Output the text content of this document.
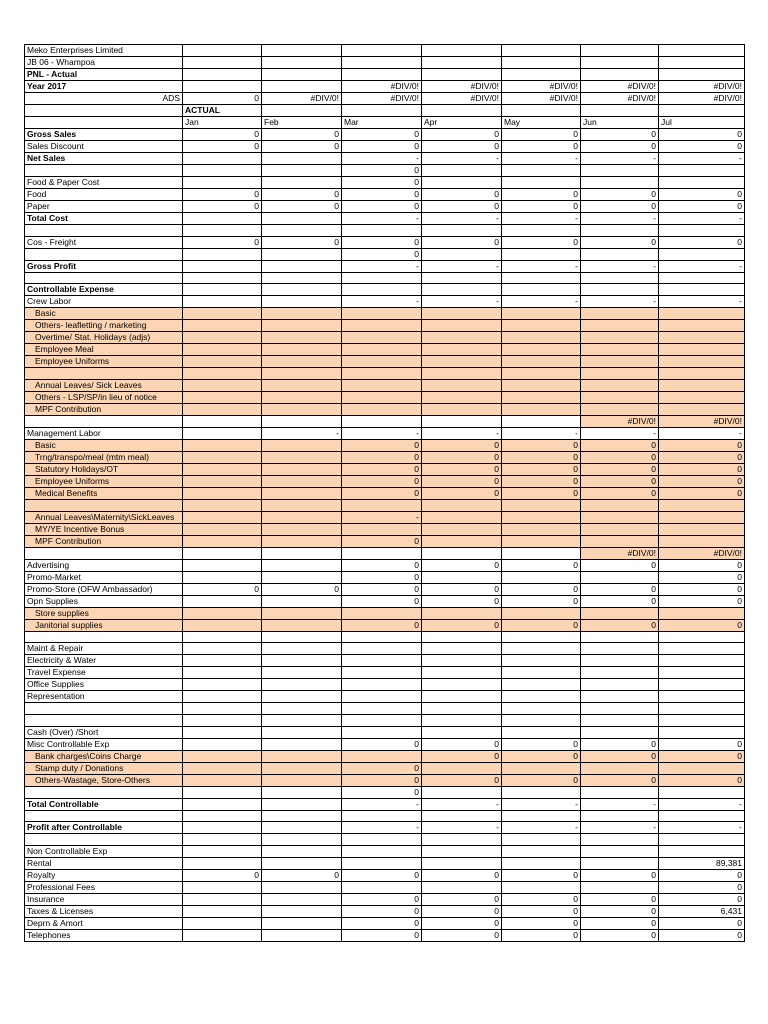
Meko Enterprises Limited							
JB 06 - Whampoa							
PNL - Actual							
Year 2017			#DIV/0!	#DIV/0!	#DIV/0!	#DIV/0!	#DIV/0!
ADS	0	#DIV/0!	#DIV/0!	#DIV/0!	#DIV/0!	#DIV/0!	#DIV/0!
	ACTUAL						
	Jan	Feb	Mar	Apr	May	Jun	Jul
Gross Sales	0	0	0	0	0	0	0
Sales Discount	0	0	0	0	0	0	0
Net Sales			-	-	-	-	-
			0				
Food & Paper Cost			0				
Food	0	0	0	0	0	0	0
Paper	0	0	0	0	0	0	0
Total Cost			-	-	-	-	-

Cos - Freight	0	0	0	0	0	0	0
			0				
Gross Profit			-	-	-	-	-

Controllable Expense							
Crew Labor			-	-	-	-	-
Basic							
Others- leafletting / marketing							
Overtime/ Stat. Holidays (adjs)							
Employee Meal							
Employee Uniforms							

Annual Leaves/ Sick Leaves							
Others - LSP/SP/in lieu of notice							
MPF Contribution							
						#DIV/0!	#DIV/0!
Management Labor		-	-	-	-	-	-
Basic			0	0	0	0	0
Trng/transpo/meal (mtm meal)			0	0	0	0	0
Statutory Holidays/OT			0	0	0	0	0
Employee Uniforms			0	0	0	0	0
Medical Benefits			0	0	0	0	0

Annual Leaves\Maternity\SickLeaves			-				
MY/YE Incentive Bonus							
MPF Contribution			0				
						#DIV/0!	#DIV/0!
Advertising			0	0	0	0	0
Promo-Market			0				0
Promo-Store (OFW Ambassador)	0	0	0	0	0	0	0
Opn Supplies			0	0	0	0	0
Store supplies							
Janitorial supplies			0	0	0	0	0

Maint & Repair							
Electricity & Water							
Travel Expense							
Office Supplies							
Representation							

Cash (Over) /Short							
Misc Controllable Exp			0	0	0	0	0
Bank charges\Coins Charge				0	0	0	0
Stamp duty / Donations			0				
Others-Wastage, Store-Others			0	0	0	0	0
			0				
Total Controllable			-	-	-	-	-

Profit after Controllable			-	-	-	-	-

Non Controllable Exp							
Rental							89,381
Royalty	0	0	0	0	0	0	0
Professional Fees							0
Insurance			0	0	0	0	0
Taxes & Licenses			0	0	0	0	6,431
Deprn & Amort			0	0	0	0	0
Telephones			0	0	0	0	0
